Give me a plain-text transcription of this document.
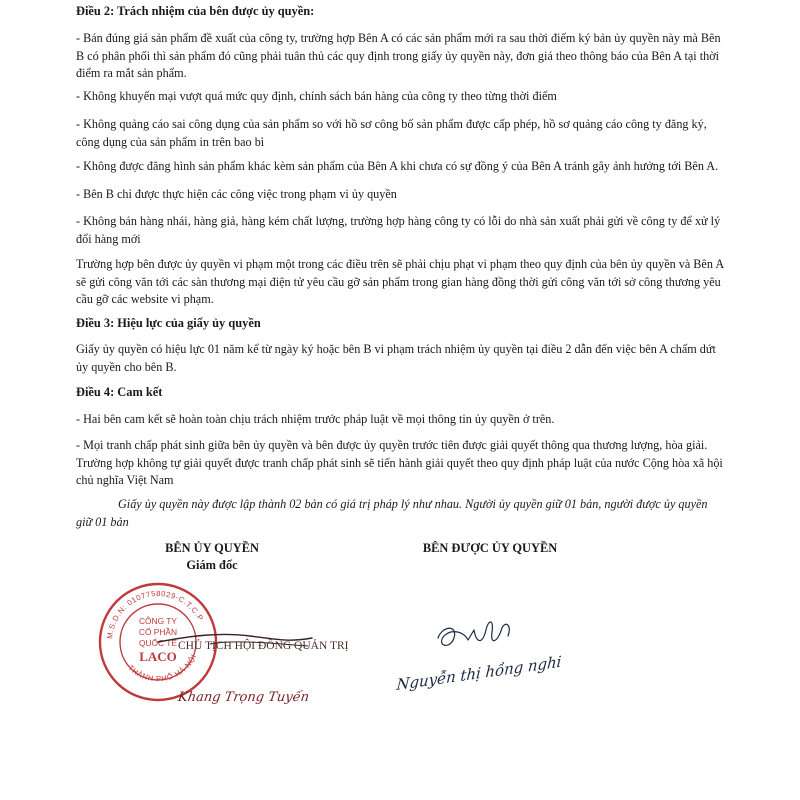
Điều 2: Trách nhiệm của bên được ủy quyền:

- Bán đúng giá sản phẩm đề xuất của công ty, trường hợp Bên A có các sản phẩm mới ra sau thời điểm ký bản ủy quyền này mà Bên B có phân phối thì sản phẩm đó cũng phải tuân thủ các quy định trong giấy ủy quyền này, đơn giá theo thông báo của Bên A tại thời điểm ra mắt sản phẩm.

- Không khuyến mại vượt quá mức quy định, chính sách bán hàng của công ty theo từng thời điểm

- Không quảng cáo sai công dụng của sản phẩm so với hồ sơ công bố sản phẩm được cấp phép, hồ sơ quảng cáo công ty đăng ký, công dụng của sản phẩm in trên bao bì

- Không được đăng hình sản phẩm khác kèm sản phẩm của Bên A khi chưa có sự đồng ý của Bên A tránh gây ảnh hưởng tới Bên A.

- Bên B chỉ được thực hiện các công việc trong phạm vi ủy quyền

- Không bán hàng nhái, hàng giả, hàng kém chất lượng, trường hợp hàng công ty có lỗi do nhà sản xuất phải gửi về công ty để xử lý đổi hàng mới

Trường hợp bên được ủy quyền vi phạm một trong các điều trên sẽ phải chịu phạt vi phạm theo quy định của bên ủy quyền và Bên A sẽ gửi công văn tới các sàn thương mại điện tử yêu cầu gỡ sản phẩm trong gian hàng đồng thời gửi công văn tới sở công thương yêu cầu gỡ các website vi phạm.

Điều 3: Hiệu lực của giấy ủy quyền

Giấy ủy quyền có hiệu lực 01 năm kể từ ngày ký hoặc bên B vi phạm trách nhiệm ủy quyền tại điều 2 dẫn đến việc bên A chấm dứt ủy quyền cho bên B.

Điều 4: Cam kết

- Hai bên cam kết sẽ hoàn toàn chịu trách nhiệm trước pháp luật về mọi thông tin ủy quyền ở trên.

- Mọi tranh chấp phát sinh giữa bên ủy quyền và bên được ủy quyền trước tiên được giải quyết thông qua thương lượng, hòa giải. Trường hợp không tự giải quyết được tranh chấp phát sinh sẽ tiến hành giải quyết theo quy định pháp luật của nước Cộng hòa xã hội chủ nghĩa Việt Nam

Giấy ủy quyền này được lập thành 02 bản có giá trị pháp lý như nhau. Người ủy quyền giữ 01 bản, người được ủy quyền giữ 01 bản

BÊN ỦY QUYỀN
Giám đốc

BÊN ĐƯỢC ỦY QUYỀN

M.S.D.N: 0107758029-C.T.C.P
THÀNH PHỐ HÀ NỘI
CÔNG TY
CỔ PHẦN
QUỐC TẾ
LACO

CHỦ TỊCH HỘI ĐỒNG QUẢN TRỊ

Khang Trọng Tuyến

Nguyễn thị hồng nghi
